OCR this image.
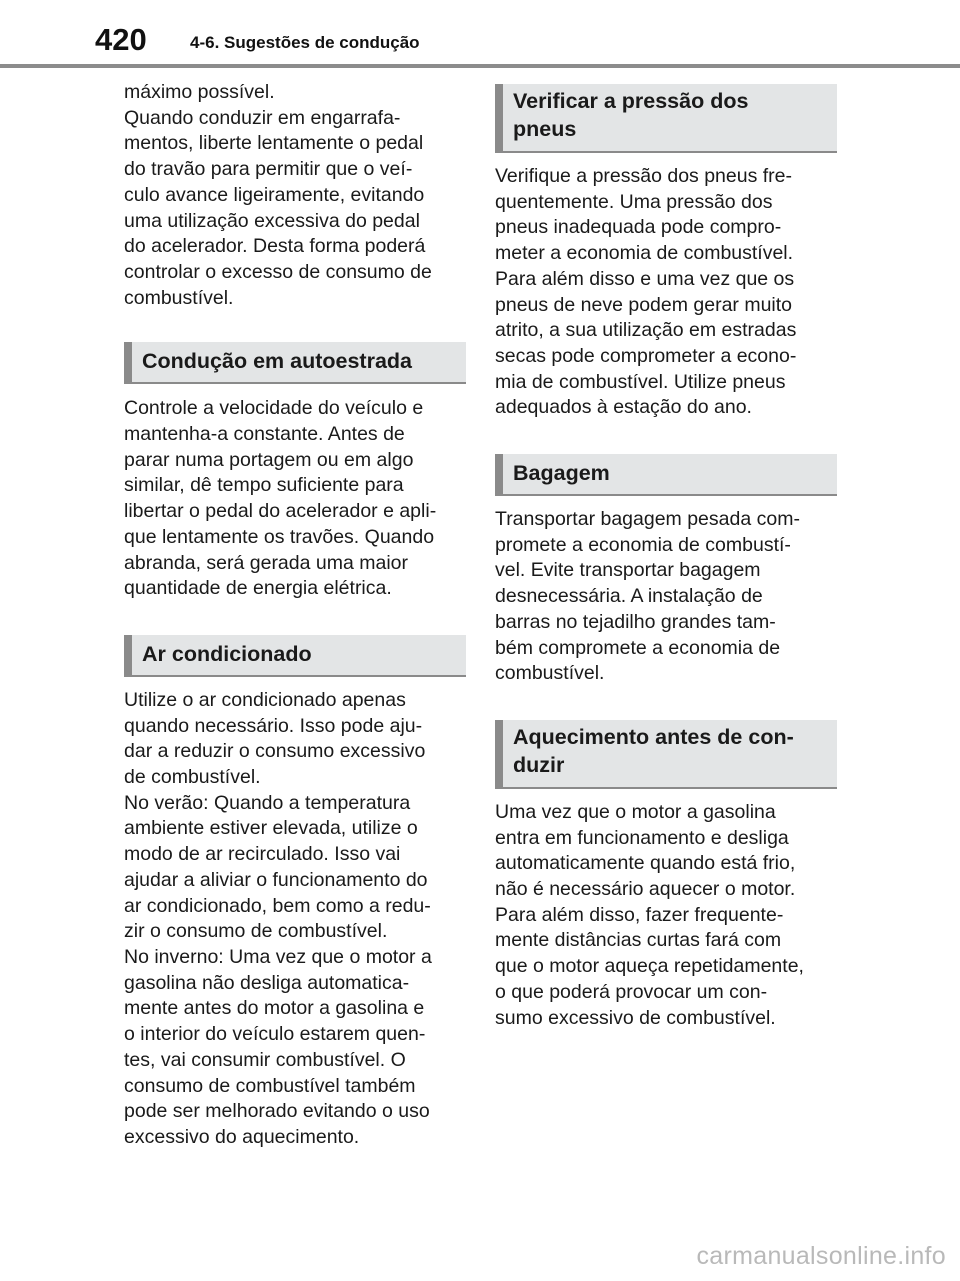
420	4-6. Sugestões de condução

máximo possível.
Quando conduzir em engarrafa-
mentos, liberte lentamente o pedal
do travão para permitir que o veí-
culo avance ligeiramente, evitando
uma utilização excessiva do pedal
do acelerador. Desta forma poderá
controlar o excesso de consumo de
combustível.

Condução em autoestrada

Controle a velocidade do veículo e
mantenha-a constante. Antes de
parar numa portagem ou em algo
similar, dê tempo suficiente para
libertar o pedal do acelerador e apli-
que lentamente os travões. Quando
abranda, será gerada uma maior
quantidade de energia elétrica.

Ar condicionado

Utilize o ar condicionado apenas
quando necessário. Isso pode aju-
dar a reduzir o consumo excessivo
de combustível.
No verão: Quando a temperatura
ambiente estiver elevada, utilize o
modo de ar recirculado. Isso vai
ajudar a aliviar o funcionamento do
ar condicionado, bem como a redu-
zir o consumo de combustível.
No inverno: Uma vez que o motor a
gasolina não desliga automatica-
mente antes do motor a gasolina e
o interior do veículo estarem quen-
tes, vai consumir combustível. O
consumo de combustível também
pode ser melhorado evitando o uso
excessivo do aquecimento.

Verificar a pressão dos
pneus

Verifique a pressão dos pneus fre-
quentemente. Uma pressão dos
pneus inadequada pode compro-
meter a economia de combustível.
Para além disso e uma vez que os
pneus de neve podem gerar muito
atrito, a sua utilização em estradas
secas pode comprometer a econo-
mia de combustível. Utilize pneus
adequados à estação do ano.

Bagagem

Transportar bagagem pesada com-
promete a economia de combustí-
vel. Evite transportar bagagem
desnecessária. A instalação de
barras no tejadilho grandes tam-
bém compromete a economia de
combustível.

Aquecimento antes de con-
duzir

Uma vez que o motor a gasolina
entra em funcionamento e desliga
automaticamente quando está frio,
não é necessário aquecer o motor.
Para além disso, fazer frequente-
mente distâncias curtas fará com
que o motor aqueça repetidamente,
o que poderá provocar um con-
sumo excessivo de combustível.

carmanualsonline.info
